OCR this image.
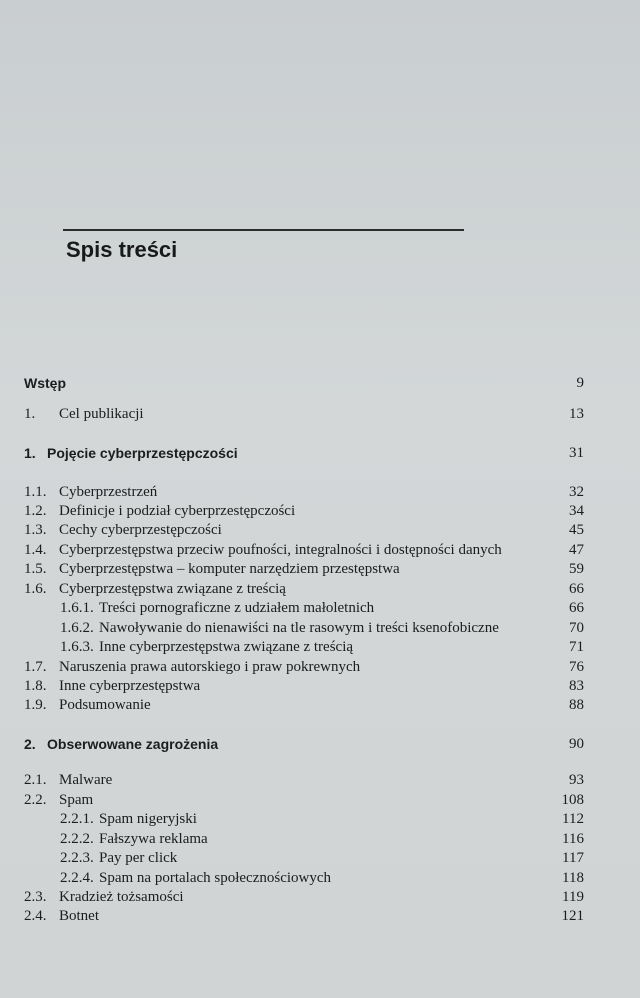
Spis treści
Wstęp	9
1. Cel publikacji	13
1. Pojęcie cyberprzestępczości	31
1.1. Cyberprzestrzeń	32
1.2. Definicje i podział cyberprzestępczości	34
1.3. Cechy cyberprzestępczości	45
1.4. Cyberprzestępstwa przeciw poufności, integralności i dostępności danych	47
1.5. Cyberprzestępstwa – komputer narzędziem przestępstwa	59
1.6. Cyberprzestępstwa związane z treścią	66
1.6.1. Treści pornograficzne z udziałem małoletnich	66
1.6.2. Nawoływanie do nienawiści na tle rasowym i treści ksenofobiczne	70
1.6.3. Inne cyberprzestępstwa związane z treścią	71
1.7. Naruszenia prawa autorskiego i praw pokrewnych	76
1.8. Inne cyberprzestępstwa	83
1.9. Podsumowanie	88
2. Obserwowane zagrożenia	90
2.1. Malware	93
2.2. Spam	108
2.2.1. Spam nigeryjski	112
2.2.2. Fałszywa reklama	116
2.2.3. Pay per click	117
2.2.4. Spam na portalach społecznościowych	118
2.3. Kradzież tożsamości	119
2.4. Botnet	121
